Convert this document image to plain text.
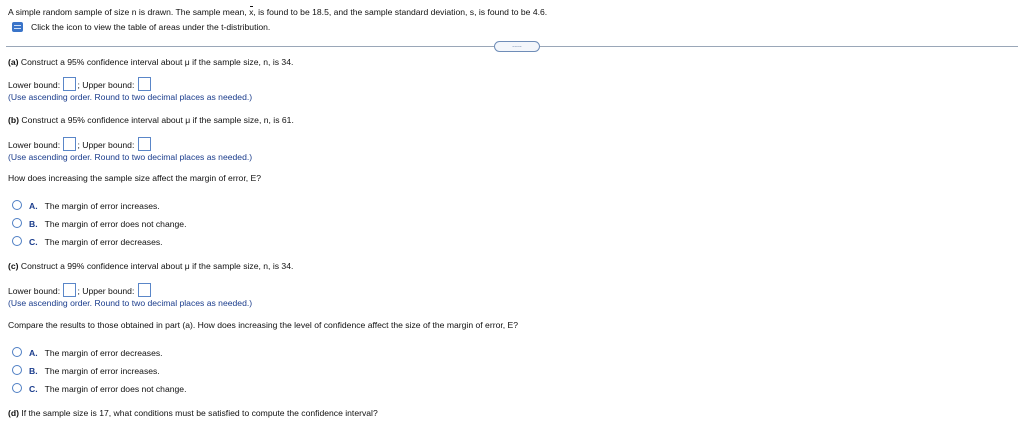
A simple random sample of size n is drawn. The sample mean, x, is found to be 18.5, and the sample standard deviation, s, is found to be 4.6.
Click the icon to view the table of areas under the t-distribution.
.....
(a) Construct a 95% confidence interval about μ if the sample size, n, is 34.
Lower bound: ; Upper bound:
(Use ascending order. Round to two decimal places as needed.)
(b) Construct a 95% confidence interval about μ if the sample size, n, is 61.
Lower bound: ; Upper bound:
(Use ascending order. Round to two decimal places as needed.)
How does increasing the sample size affect the margin of error, E?
A. The margin of error increases.
B. The margin of error does not change.
C. The margin of error decreases.
(c) Construct a 99% confidence interval about μ if the sample size, n, is 34.
Lower bound: ; Upper bound:
(Use ascending order. Round to two decimal places as needed.)
Compare the results to those obtained in part (a). How does increasing the level of confidence affect the size of the margin of error, E?
A. The margin of error decreases.
B. The margin of error increases.
C. The margin of error does not change.
(d) If the sample size is 17, what conditions must be satisfied to compute the confidence interval?
